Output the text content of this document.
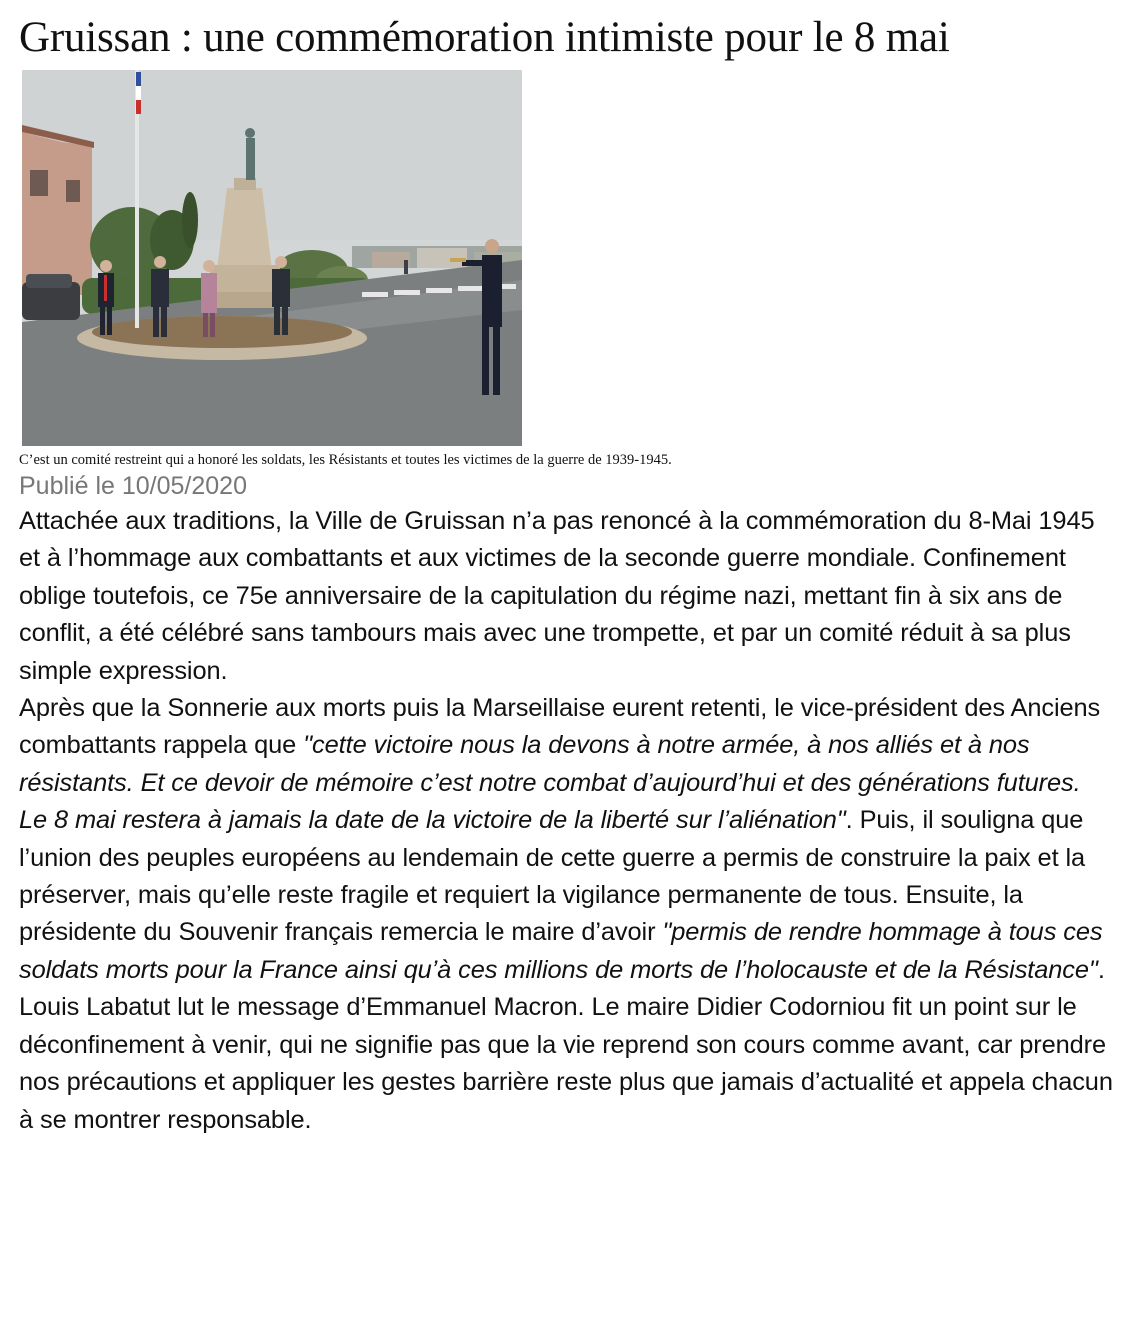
Gruissan : une commémoration intimiste pour le 8 mai
C’est un comité restreint qui a honoré les soldats, les Résistants et toutes les victimes de la guerre de 1939-1945.
Publié le 10/05/2020

Attachée aux traditions, la Ville de Gruissan n’a pas renoncé à la commémoration du 8-Mai 1945 et à l’hommage aux combattants et aux victimes de la seconde guerre mondiale. Confinement oblige toutefois, ce 75e anniversaire de la capitulation du régime nazi, mettant fin à six ans de conflit, a été célébré sans tambours mais avec une trompette, et par un comité réduit à sa plus simple expression.

Après que la Sonnerie aux morts puis la Marseillaise eurent retenti, le vice-président des Anciens combattants rappela que "cette victoire nous la devons à notre armée, à nos alliés et à nos résistants. Et ce devoir de mémoire c’est notre combat d’aujourd’hui et des générations futures. Le 8 mai restera à jamais la date de la victoire de la liberté sur l’aliénation". Puis, il souligna que l’union des peuples européens au lendemain de cette guerre a permis de construire la paix et la préserver, mais qu’elle reste fragile et requiert la vigilance permanente de tous. Ensuite, la présidente du Souvenir français remercia le maire d’avoir "permis de rendre hommage à tous ces soldats morts pour la France ainsi qu’à ces millions de morts de l’holocauste et de la Résistance". Louis Labatut lut le message d’Emmanuel Macron. Le maire Didier Codorniou fit un point sur le déconfinement à venir, qui ne signifie pas que la vie reprend son cours comme avant, car prendre nos précautions et appliquer les gestes barrière reste plus que jamais d’actualité et appela chacun à se montrer responsable.
